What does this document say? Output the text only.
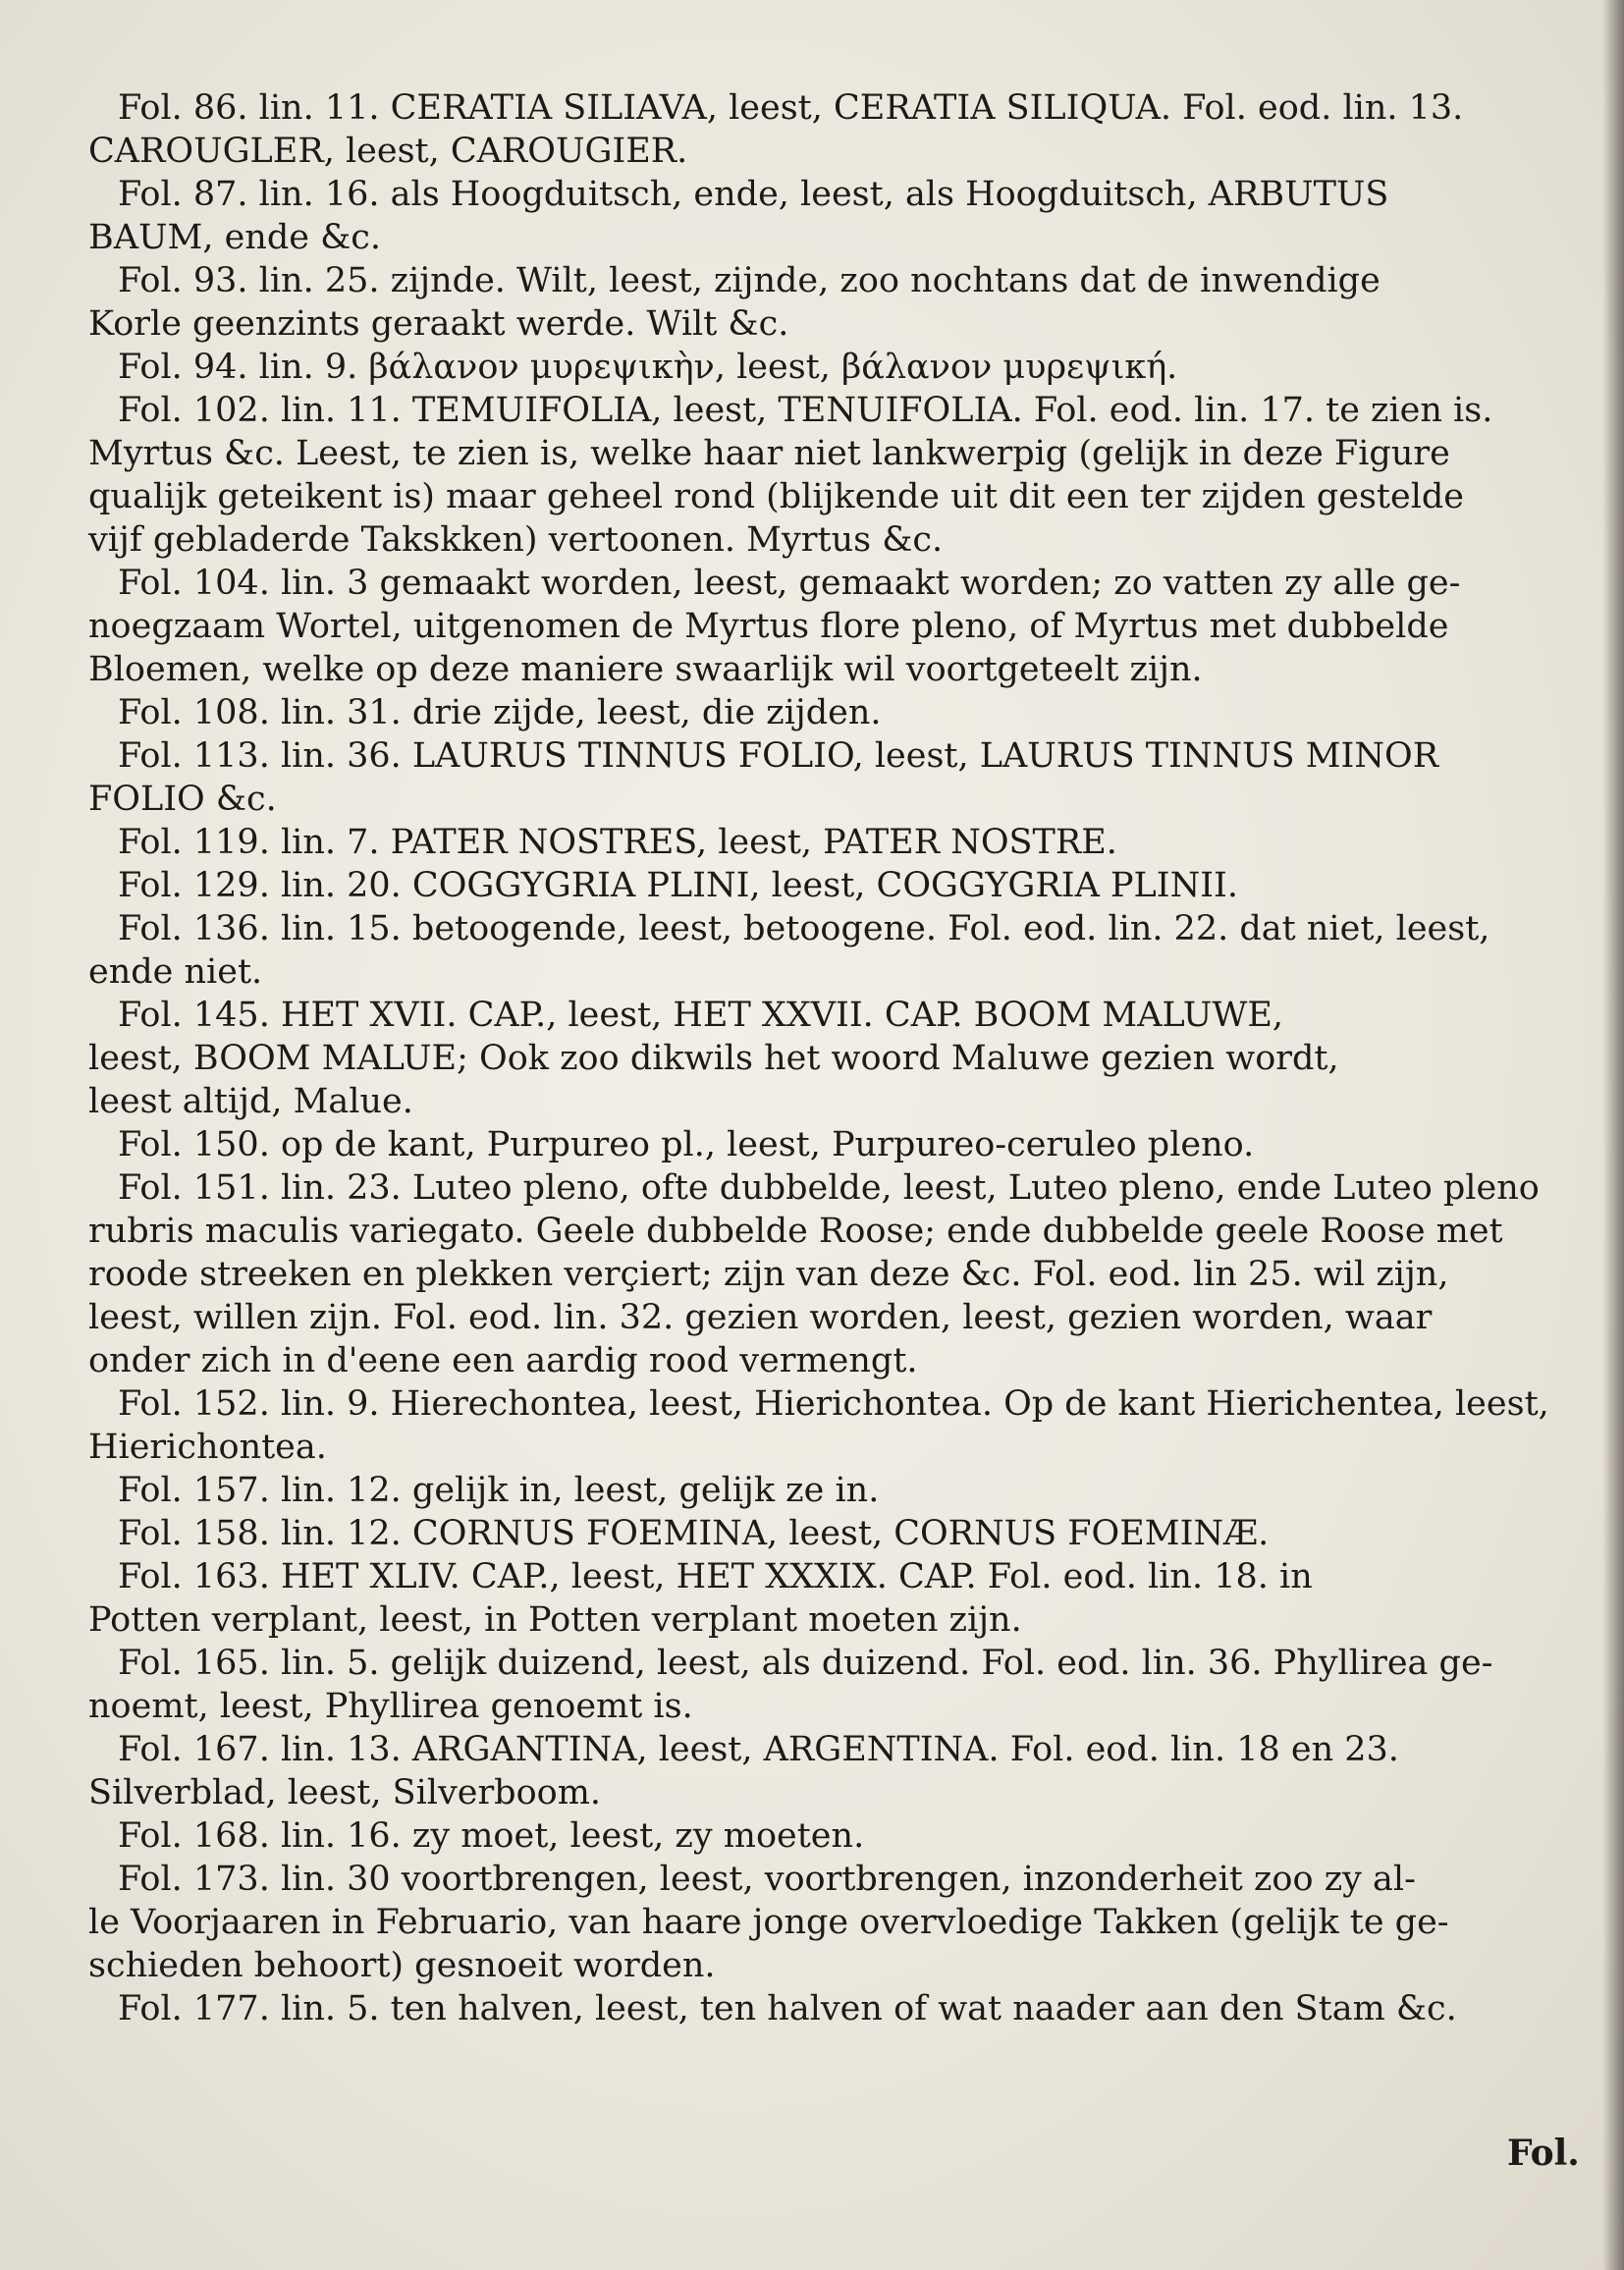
Fol. 86. lin. 11. CERATIA SILIAVA, leest, CERATIA SILIQUA. Fol. eod. lin. 13.

CAROUGLER, leest, CAROUGIER.

Fol. 87. lin. 16. als Hoogduitsch, ende, leest, als Hoogduitsch, ARBUTUS

BAUM, ende &c.

Fol. 93. lin. 25. zijnde. Wilt, leest, zijnde, zoo nochtans dat de inwendige

Korle geenzints geraakt werde. Wilt &c.

Fol. 94. lin. 9. βάλανον μυρεψικὴν, leest, βάλανον μυρεψική.

Fol. 102. lin. 11. TEMUIFOLIA, leest, TENUIFOLIA. Fol. eod. lin. 17. te zien is.

Myrtus &c. Leest, te zien is, welke haar niet lankwerpig (gelijk in deze Figure

qualijk geteikent is) maar geheel rond (blijkende uit dit een ter zijden gestelde

vijf gebladerde Takskken) vertoonen. Myrtus &c.

Fol. 104. lin. 3 gemaakt worden, leest, gemaakt worden; zo vatten zy alle ge-

noegzaam Wortel, uitgenomen de Myrtus flore pleno, of Myrtus met dubbelde

Bloemen, welke op deze maniere swaarlijk wil voortgeteelt zijn.

Fol. 108. lin. 31. drie zijde, leest, die zijden.

Fol. 113. lin. 36. LAURUS TINNUS FOLIO, leest, LAURUS TINNUS MINOR

FOLIO &c.

Fol. 119. lin. 7. PATER NOSTRES, leest, PATER NOSTRE.

Fol. 129. lin. 20. COGGYGRIA PLINI, leest, COGGYGRIA PLINII.

Fol. 136. lin. 15. betoogende, leest, betoogene. Fol. eod. lin. 22. dat niet, leest,

ende niet.

Fol. 145. HET XVII. CAP., leest, HET XXVII. CAP. BOOM MALUWE,

leest, BOOM MALUE; Ook zoo dikwils het woord Maluwe gezien wordt,

leest altijd, Malue.

Fol. 150. op de kant, Purpureo pl., leest, Purpureo-ceruleo pleno.

Fol. 151. lin. 23. Luteo pleno, ofte dubbelde, leest, Luteo pleno, ende Luteo pleno

rubris maculis variegato. Geele dubbelde Roose; ende dubbelde geele Roose met

roode streeken en plekken verçiert; zijn van deze &c. Fol. eod. lin 25. wil zijn,

leest, willen zijn. Fol. eod. lin. 32. gezien worden, leest, gezien worden, waar

onder zich in d'eene een aardig rood vermengt.

Fol. 152. lin. 9. Hierechontea, leest, Hierichontea. Op de kant Hierichentea, leest,

Hierichontea.

Fol. 157. lin. 12. gelijk in, leest, gelijk ze in.

Fol. 158. lin. 12. CORNUS FOEMINA, leest, CORNUS FOEMINÆ.

Fol. 163. HET XLIV. CAP., leest, HET XXXIX. CAP. Fol. eod. lin. 18. in

Potten verplant, leest, in Potten verplant moeten zijn.

Fol. 165. lin. 5. gelijk duizend, leest, als duizend. Fol. eod. lin. 36. Phyllirea ge-

noemt, leest, Phyllirea genoemt is.

Fol. 167. lin. 13. ARGANTINA, leest, ARGENTINA. Fol. eod. lin. 18 en 23.

Silverblad, leest, Silverboom.

Fol. 168. lin. 16. zy moet, leest, zy moeten.

Fol. 173. lin. 30 voortbrengen, leest, voortbrengen, inzonderheit zoo zy al-

le Voorjaaren in Februario, van haare jonge overvloedige Takken (gelijk te ge-

schieden behoort) gesnoeit worden.

Fol. 177. lin. 5. ten halven, leest, ten halven of wat naader aan den Stam &c.

Fol.
